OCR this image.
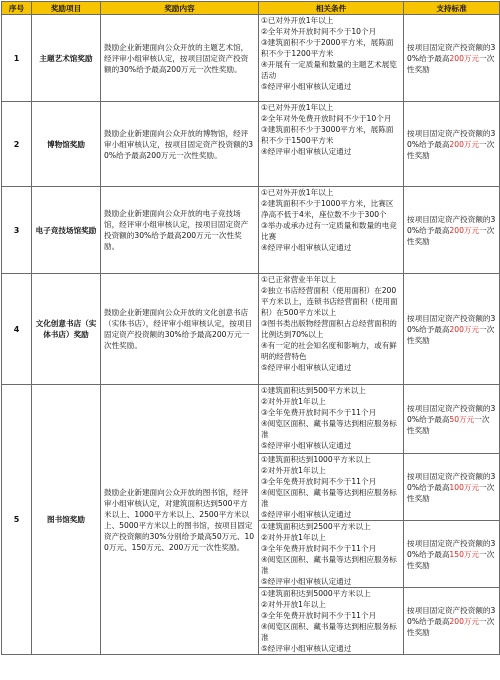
序号	奖励项目	奖励内容	相关条件	支持标准
1	主题艺术馆奖励	鼓励企业新建面向公众开放的主题艺术馆，经评审小组审核认定，按项目固定资产投资额的30%给予最高200万元一次性奖励。	①已对外开放1年以上
②全年对外开放时间不少于10个月
③建筑面积不少于2000平方米，展陈面积不少于1200平方米
④开展有一定质量和数量的主题艺术展览活动
⑤经评审小组审核认定通过	按项目固定资产投资额的30%给予最高200万元一次性奖励
2	博物馆奖励	鼓励企业新建面向公众开放的博物馆，经评审小组审核认定，按项目固定资产投资额的30%给予最高200万元一次性奖励。	①已对外开放1年以上
②全年对外免费开放时间不少于10个月
③建筑面积不少于3000平方米，展陈面积不少于1500平方米
④经评审小组审核认定通过	按项目固定资产投资额的30%给予最高200万元一次性奖励
3	电子竞技场馆奖励	鼓励企业新建面向公众开放的电子竞技场馆，经评审小组审核认定，按项目固定资产投资额的30%给予最高200万元一次性奖励。	①已对外开放1年以上
②建筑面积不少于1000平方米，比赛区净高不低于4米，座位数不少于300个
③举办或承办过有一定质量和数量的电竞比赛
④经评审小组审核认定通过	按项目固定资产投资额的30%给予最高200万元一次性奖励
4	文化创意书店（实体书店）奖励	鼓励企业新建面向公众开放的文化创意书店（实体书店），经评审小组审核认定，按项目固定资产投资额的30%给予最高200万元一次性奖励。	①已正常营业半年以上
②独立书店经营面积（使用面积）在200平方米以上，连锁书店经营面积（使用面积）在500平方米以上
③图书类出版物经营面积占总经营面积的比例达到70%以上
④有一定的社会知名度和影响力，或有鲜明的经营特色
⑤经评审小组审核认定通过	按项目固定资产投资额的30%给予最高200万元一次性奖励
5	图书馆奖励	鼓励企业新建面向公众开放的图书馆，经评审小组审核认定，对建筑面积达到500平方米以上、1000平方米以上、2500平方米以上、5000平方米以上的图书馆，按项目固定资产投资额的30%分别给予最高50万元、100万元、150万元、200万元一次性奖励。	①建筑面积达到500平方米以上
②对外开放1年以上
③全年免费开放时间不少于11个月
④阅览区面积、藏书量等达到相应服务标准
⑤经评审小组审核认定通过	按项目固定资产投资额的30%给予最高50万元一次性奖励

			①建筑面积达到1000平方米以上
②对外开放1年以上
③全年免费开放时间不少于11个月
④阅览区面积、藏书量等达到相应服务标准
⑤经评审小组审核认定通过	按项目固定资产投资额的30%给予最高100万元一次性奖励

			①建筑面积达到2500平方米以上
②对外开放1年以上
③全年免费开放时间不少于11个月
④阅览区面积、藏书量等达到相应服务标准
⑤经评审小组审核认定通过	按项目固定资产投资额的30%给予最高150万元一次性奖励

			①建筑面积达到5000平方米以上
②对外开放1年以上
③全年免费开放时间不少于11个月
④阅览区面积、藏书量等达到相应服务标准
⑤经评审小组审核认定通过	按项目固定资产投资额的30%给予最高200万元一次性奖励
